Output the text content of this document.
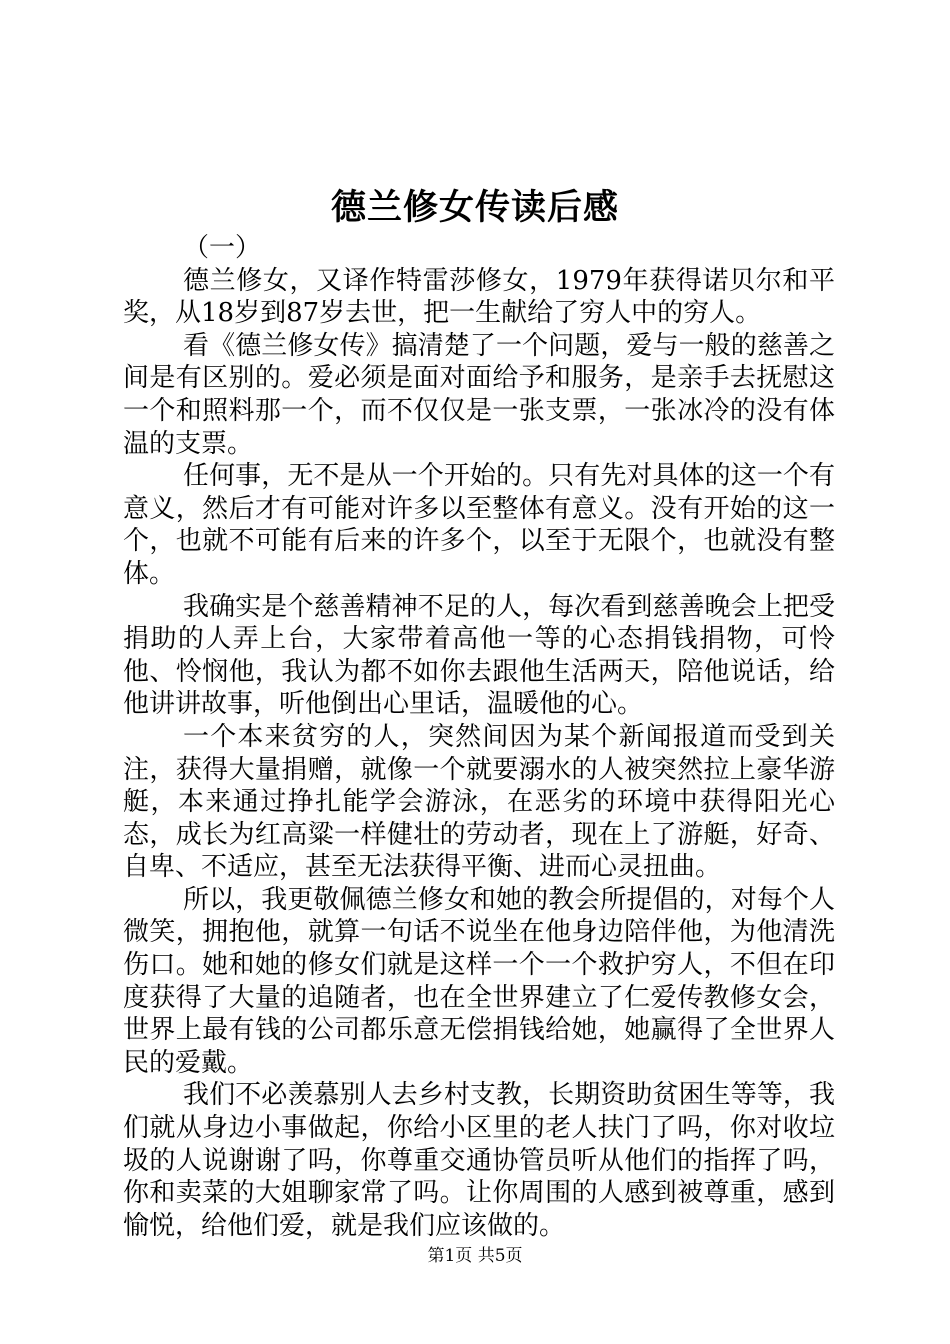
德兰修女传读后感

（一）

德兰修女，又译作特雷莎修女，1979年获得诺贝尔和平奖，从18岁到87岁去世，把一生献给了穷人中的穷人。

看《德兰修女传》搞清楚了一个问题，爱与一般的慈善之间是有区别的。爱必须是面对面给予和服务，是亲手去抚慰这一个和照料那一个，而不仅仅是一张支票，一张冰冷的没有体温的支票。

任何事，无不是从一个开始的。只有先对具体的这一个有意义，然后才有可能对许多以至整体有意义。没有开始的这一个，也就不可能有后来的许多个，以至于无限个，也就没有整体。

我确实是个慈善精神不足的人，每次看到慈善晚会上把受捐助的人弄上台，大家带着高他一等的心态捐钱捐物，可怜他、怜悯他，我认为都不如你去跟他生活两天，陪他说话，给他讲讲故事，听他倒出心里话，温暖他的心。

一个本来贫穷的人，突然间因为某个新闻报道而受到关注，获得大量捐赠，就像一个就要溺水的人被突然拉上豪华游艇，本来通过挣扎能学会游泳，在恶劣的环境中获得阳光心态，成长为红高粱一样健壮的劳动者，现在上了游艇，好奇、自卑、不适应，甚至无法获得平衡、进而心灵扭曲。

所以，我更敬佩德兰修女和她的教会所提倡的，对每个人微笑，拥抱他，就算一句话不说坐在他身边陪伴他，为他清洗伤口。她和她的修女们就是这样一个一个救护穷人，不但在印度获得了大量的追随者，也在全世界建立了仁爱传教修女会，世界上最有钱的公司都乐意无偿捐钱给她，她赢得了全世界人民的爱戴。

我们不必羡慕别人去乡村支教，长期资助贫困生等等，我们就从身边小事做起，你给小区里的老人扶门了吗，你对收垃圾的人说谢谢了吗，你尊重交通协管员听从他们的指挥了吗，你和卖菜的大姐聊家常了吗。让你周围的人感到被尊重，感到愉悦，给他们爱，就是我们应该做的。

第1页 共5页
